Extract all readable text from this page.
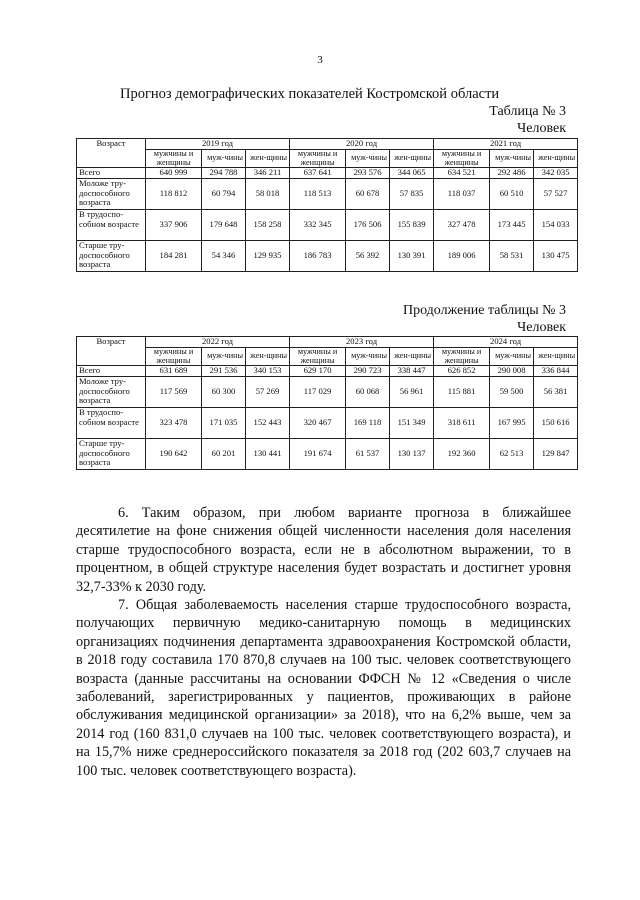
3
Прогноз демографических показателей Костромской области
Таблица № 3
Человек
Возраст	2019 год			2020 год			2021 год		
	мужчины и женщины	муж-чины	жен-щины	мужчины и женщины	муж-чины	жен-щины	мужчины и женщины	муж-чины	жен-щины
Всего	640 999	294 788	346 211	637 641	293 576	344 065	634 521	292 486	342 035
Моложе тру-доспособного возраста	118 812	60 794	58 018	118 513	60 678	57 835	118 037	60 510	57 527
В трудоспо-собном возрасте	337 906	179 648	158 258	332 345	176 506	155 839	327 478	173 445	154 033
Старше тру-доспособного возраста	184 281	54 346	129 935	186 783	56 392	130 391	189 006	58 531	130 475
Продолжение таблицы № 3
Человек
Возраст	2022 год			2023 год			2024 год		
	мужчины и женщины	муж-чины	жен-щины	мужчины и женщины	муж-чины	жен-щины	мужчины и женщины	муж-чины	жен-щины
Всего	631 689	291 536	340 153	629 170	290 723	338 447	626 852	290 008	336 844
Моложе тру-доспособного возраста	117 569	60 300	57 269	117 029	60 068	56 961	115 881	59 500	56 381
В трудоспо-собном возрасте	323 478	171 035	152 443	320 467	169 118	151 349	318 611	167 995	150 616
Старше тру-доспособного возраста	190 642	60 201	130 441	191 674	61 537	130 137	192 360	62 513	129 847

6. Таким образом, при любом варианте прогноза в ближайшее десятилетие на фоне снижения общей численности населения доля населения старше трудоспособного возраста, если не в абсолютном выражении, то в процентном, в общей структуре населения будет возрастать и достигнет уровня 32,7-33% к 2030 году.

7. Общая заболеваемость населения старше трудоспособного возраста, получающих первичную медико-санитарную помощь в медицинских организациях подчинения департамента здравоохранения Костромской области, в 2018 году составила 170 870,8 случаев на 100 тыс. человек соответствующего возраста (данные рассчитаны на основании ФФСН № 12 «Сведения о числе заболеваний, зарегистрированных у пациентов, проживающих в районе обслуживания медицинской организации» за 2018), что на 6,2% выше, чем за 2014 год (160 831,0 случаев на 100 тыс. человек соответствующего возраста), и на 15,7% ниже среднероссийского показателя за 2018 год (202 603,7 случаев на 100 тыс. человек соответствующего возраста).
